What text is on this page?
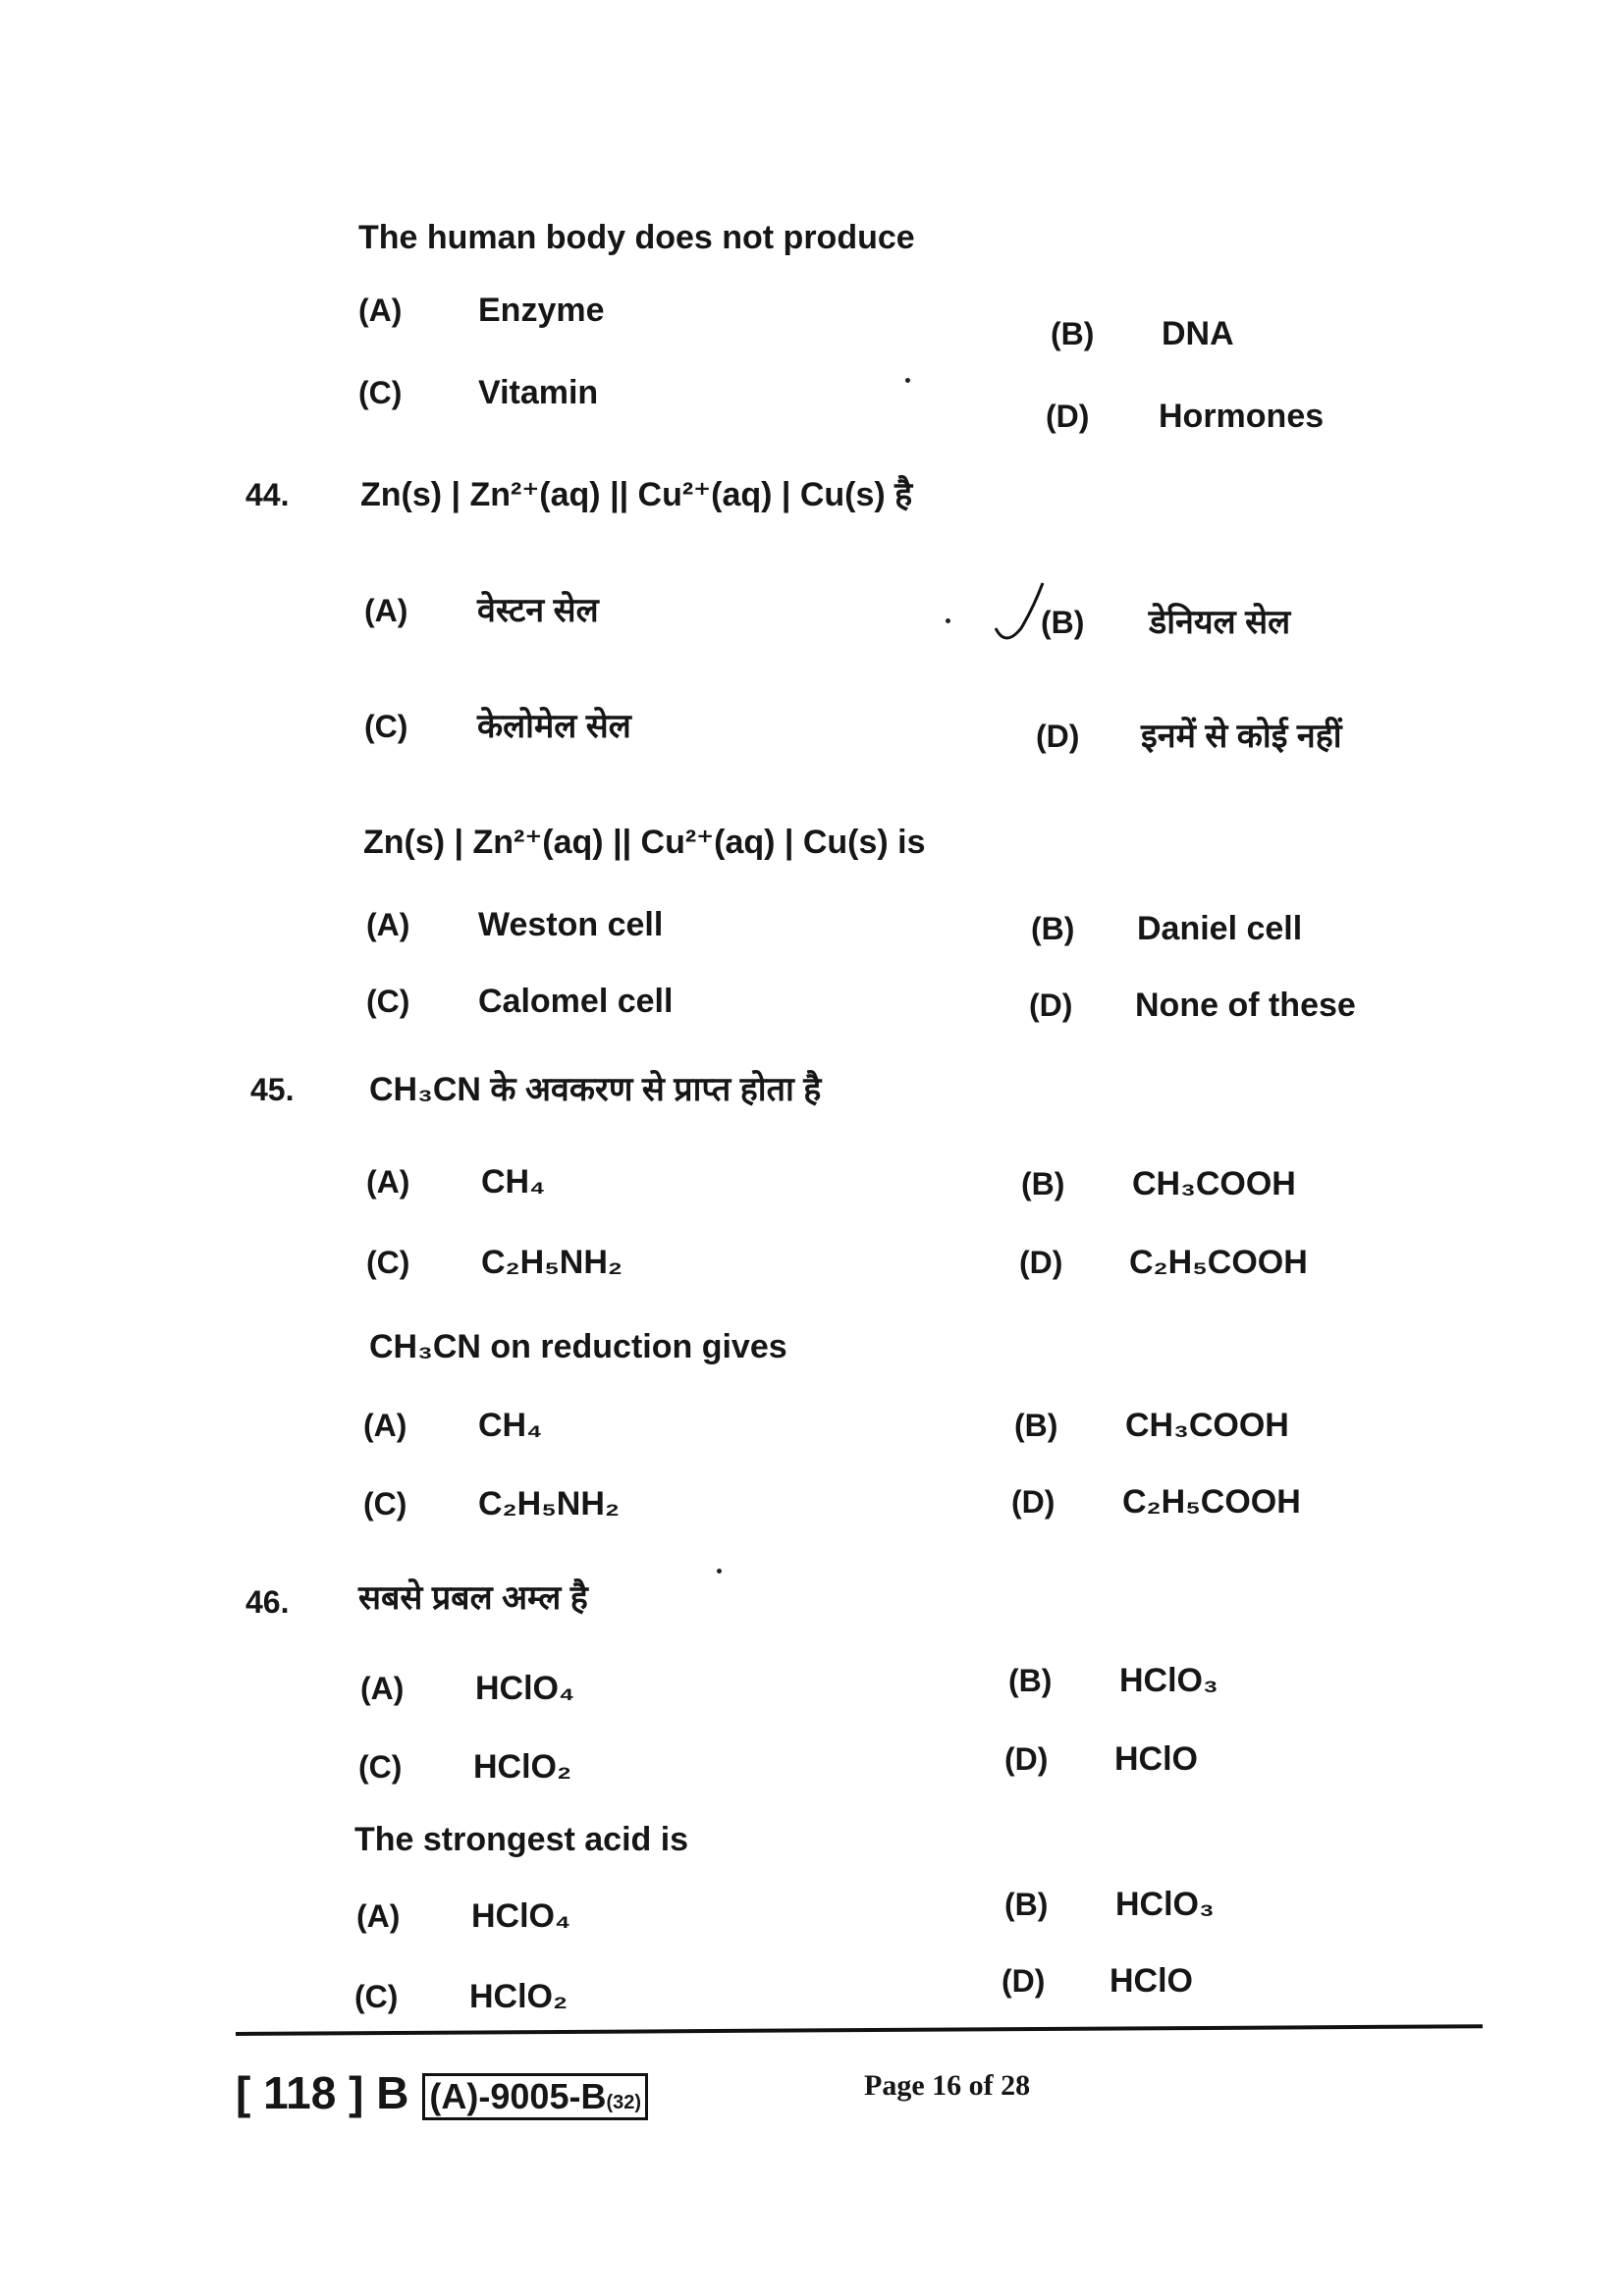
The human body does not produce
(A) Enzyme
(B) DNA
(C) Vitamin
(D) Hormones
44. Zn(s) | Zn²⁺(aq) || Cu²⁺(aq) | Cu(s) है
(A) वेस्टन सेल	(B) डेनियल सेल
(C) केलोमेल सेल	(D) इनमें से कोई नहीं
Zn(s) | Zn²⁺(aq) || Cu²⁺(aq) | Cu(s) is
(A) Weston cell	(B) Daniel cell
(C) Calomel cell	(D) None of these
45. CH₃CN के अवकरण से प्राप्त होता है
(A) CH₄	(B) CH₃COOH
(C) C₂H₅NH₂	(D) C₂H₅COOH
CH₃CN on reduction gives
(A) CH₄	(B) CH₃COOH
(C) C₂H₅NH₂	(D) C₂H₅COOH
46. सबसे प्रबल अम्ल है
(A) HClO₄	(B) HClO₃
(C) HClO₂	(D) HClO
The strongest acid is
(A) HClO₄	(B) HClO₃
(C) HClO₂	(D) HClO
[ 118 ] B (A)-9005-B(32)
Page 16 of 28
